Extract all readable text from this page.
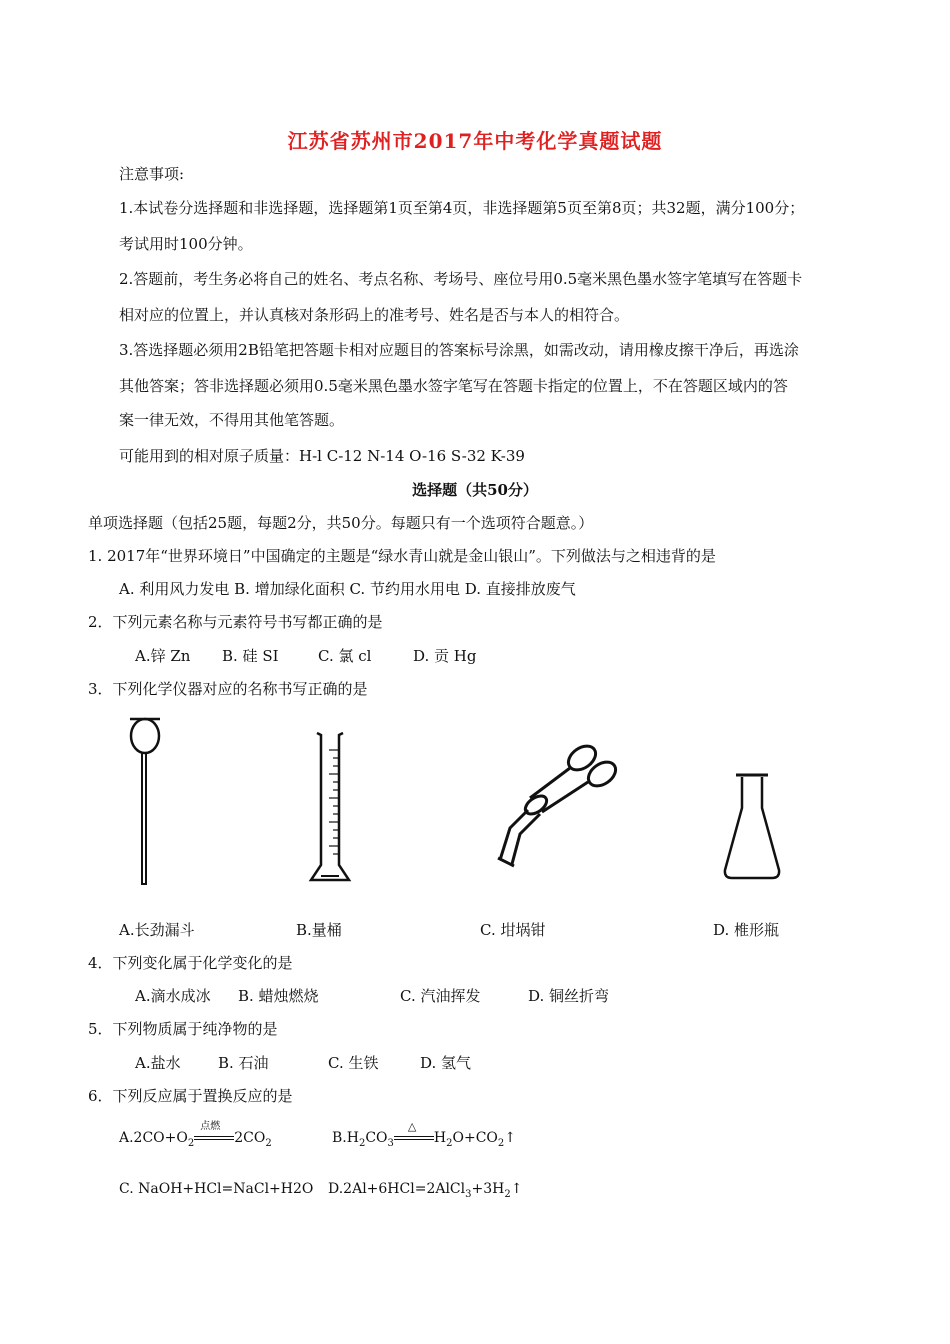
江苏省苏州市2017年中考化学真题试题
注意事项:
1.本试卷分选择题和非选择题，选择题第1页至第4页，非选择题第5页至第8页；共32题，满分100分；
考试用时100分钟。
2.答题前，考生务必将自己的姓名、考点名称、考场号、座位号用0.5毫米黑色墨水签字笔填写在答题卡
相对应的位置上，并认真核对条形码上的准考号、姓名是否与本人的相符合。
3.答选择题必须用2B铅笔把答题卡相对应题目的答案标号涂黑，如需改动，请用橡皮擦干净后，再选涂
其他答案；答非选择题必须用0.5毫米黑色墨水签字笔写在答题卡指定的位置上，不在答题区域内的答
案一律无效，不得用其他笔答题。
可能用到的相对原子质量：H-l C-12 N-14 O-16 S-32 K-39
选择题（共50分）
单项选择题（包括25题，每题2分，共50分。每题只有一个选项符合题意。）
1. 2017年“世界环境日”中国确定的主题是“绿水青山就是金山银山”。下列做法与之相违背的是
A. 利用风力发电 B. 增加绿化面积 C. 节约用水用电 D. 直接排放废气
2．下列元素名称与元素符号书写都正确的是
A.锌 Zn B. 硅 SI	C. 氯 cl	D. 贡 Hg
3．下列化学仪器对应的名称书写正确的是
A.长劲漏斗	B.量桶	C. 坩埚钳	D. 椎形瓶
4．下列变化属于化学变化的是
A.滴水成冰 B. 蜡烛燃烧	C. 汽油挥发	D. 铜丝折弯
5．下列物质属于纯净物的是
A.盐水 B. 石油	C. 生铁	D. 氢气
6．下列反应属于置换反应的是
$A.2CO+O_2$
点燃
$2CO_2$	$B.H_2CO_3$
△
$H_2O+CO_2↑$
C. NaOH+HCl=NaCl+H2O $D.2Al+6HCl=2AlCl_3+3H_2↑$
